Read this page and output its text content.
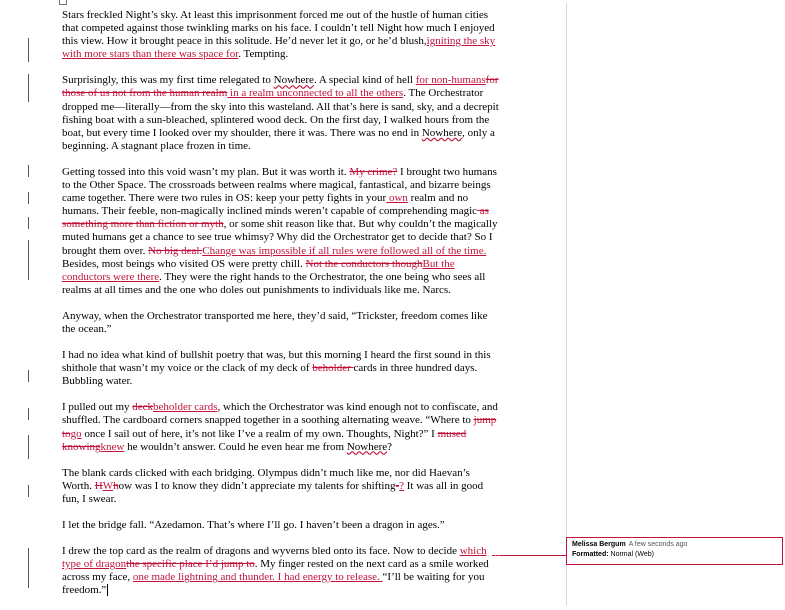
Stars freckled Night’s sky. At least this imprisonment forced me out of the hustle of human cities that competed against those twinkling marks on his face. I couldn’t tell Night how much I enjoyed this view. How it brought peace in this solitude. He’d never let it go, or he’d blush,igniting the sky with more stars than there was space for. Tempting.

Surprisingly, this was my first time relegated to Nowhere. A special kind of hell for non-humansfor those of us not from the human realm in a realm unconnected to all the others. The Orchestrator dropped me—literally—from the sky into this wasteland. All that’s here is sand, sky, and a decrepit fishing boat with a sun-bleached, splintered wood deck. On the first day, I walked hours from the boat, but every time I looked over my shoulder, there it was. There was no end in Nowhere, only a beginning. A stagnant place frozen in time.

Getting tossed into this void wasn’t my plan. But it was worth it. My crime? I brought two humans to the Other Space. The crossroads between realms where magical, fantastical, and bizarre beings came together. There were two rules in OS: keep your petty fights in your own realm and no humans. Their feeble, non-magically inclined minds weren’t capable of comprehending magic as something more than fiction or myth, or some shit reason like that. But why couldn’t the magically muted humans get a chance to see true whimsy? Why did the Orchestrator get to decide that? So I brought them over. No big deal.Change was impossible if all rules were followed all of the time. Besides, most beings who visited OS were pretty chill. Not the conductors thoughBut the conductors were there. They were the right hands to the Orchestrator, the one being who sees all realms at all times and the one who doles out punishments to individuals like me. Narcs.

Anyway, when the Orchestrator transported me here, they’d said, “Trickster, freedom comes like the ocean.”

I had no idea what kind of bullshit poetry that was, but this morning I heard the first sound in this shithole that wasn’t my voice or the clack of my deck of beholder cards in three hundred days. Bubbling water.

I pulled out my deckbeholder cards, which the Orchestrator was kind enough not to confiscate, and shuffled. The cardboard corners snapped together in a soothing alternating weave. “Where to jump togo once I sail out of here, it’s not like I’ve a realm of my own. Thoughts, Night?” I mused knowingknew he wouldn’t answer. Could he even hear me from Nowhere?

The blank cards clicked with each bridging. Olympus didn’t much like me, nor did Haevan’s Worth. HWhow was I to know they didn’t appreciate my talents for shifting-? It was all in good fun, I swear.

I let the bridge fall. “Azedamon. That’s where I’ll go. I haven’t been a dragon in ages.”

I drew the top card as the realm of dragons and wyverns bled onto its face. Now to decide which type of dragonthe specific place I’d jump to. My finger rested on the next card as a smile worked across my face, one made lightning and thunder. I had energy to release. “I’ll be waiting for you freedom.”

Melissa Bergum A few seconds ago
Formatted: Normal (Web)
